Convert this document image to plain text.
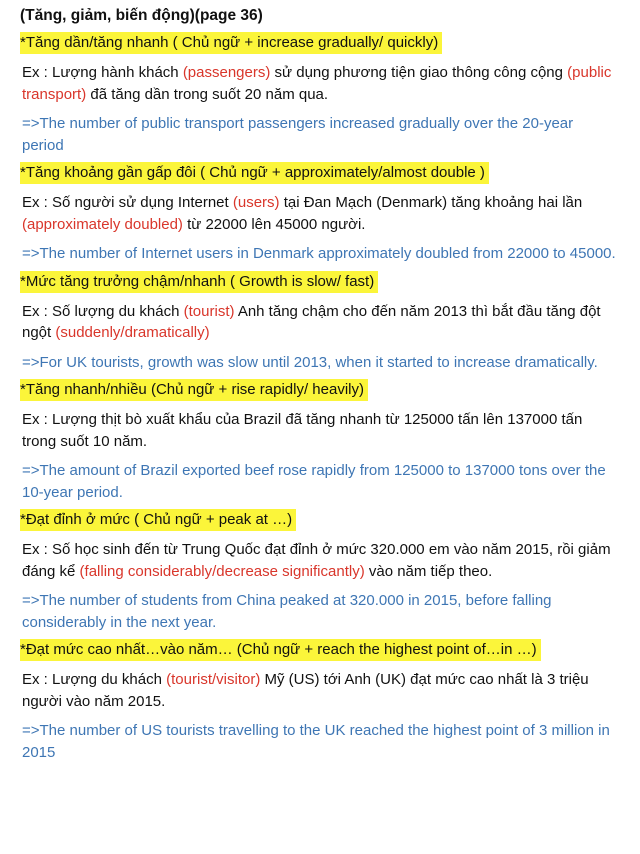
(Tăng, giảm, biến động)(page 36)
*Tăng dần/tăng nhanh ( Chủ ngữ + increase gradually/ quickly)

Ex : Lượng hành khách (passengers) sử dụng phương tiện giao thông công cộng (public transport) đã tăng dần trong suốt 20 năm qua.

=>The number of public transport passengers increased gradually over the 20-year period

*Tăng khoảng gần gấp đôi ( Chủ ngữ + approximately/almost double )

Ex : Số người sử dụng Internet (users) tại Đan Mạch (Denmark) tăng khoảng hai lần (approximately doubled) từ 22000 lên 45000 người.

=>The number of Internet users in Denmark approximately doubled from 22000 to 45000.

*Mức tăng trưởng chậm/nhanh ( Growth is slow/ fast)

Ex : Số lượng du khách (tourist) Anh tăng chậm cho đến năm 2013 thì bắt đầu tăng đột ngột (suddenly/dramatically)

=>For UK tourists, growth was slow until 2013, when it started to increase dramatically.

*Tăng nhanh/nhiều (Chủ ngữ + rise rapidly/ heavily)

Ex : Lượng thịt bò xuất khẩu của Brazil đã tăng nhanh từ 125000 tấn lên 137000 tấn trong suốt 10 năm.

=>The amount of Brazil exported beef rose rapidly from 125000 to 137000 tons over the 10-year period.

*Đạt đỉnh ở mức ( Chủ ngữ + peak at …)

Ex : Số học sinh đến từ Trung Quốc đạt đỉnh ở mức 320.000 em vào năm 2015, rồi giảm đáng kể (falling considerably/decrease significantly) vào năm tiếp theo.

=>The number of students from China peaked at 320.000 in 2015, before falling considerably in the next year.

*Đạt mức cao nhất…vào năm… (Chủ ngữ + reach the highest point of…in …)

Ex : Lượng du khách (tourist/visitor) Mỹ (US) tới Anh (UK) đạt mức cao nhất là 3 triệu người vào năm 2015.

=>The number of US tourists travelling to the UK reached the highest point of 3 million in 2015
